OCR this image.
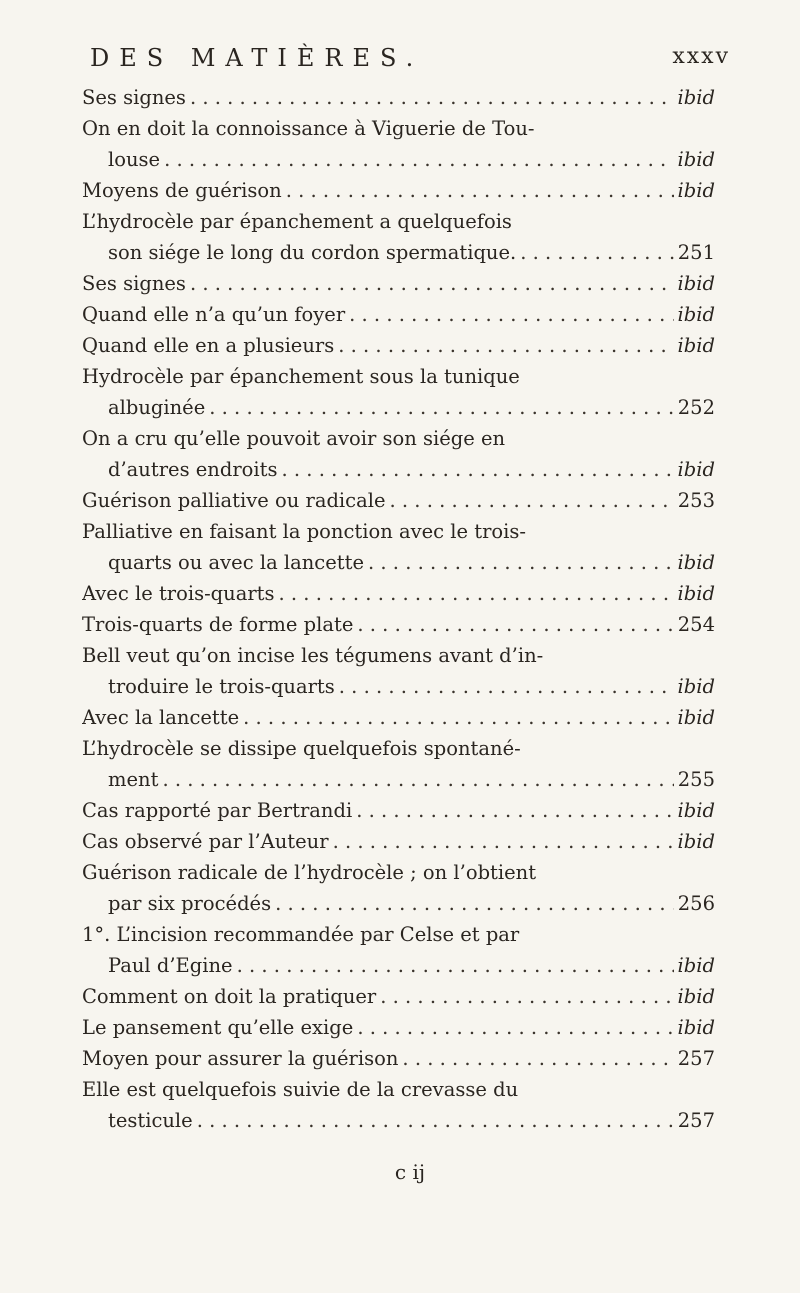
DES MATIÈRES.	xxxv
Ses signes . . .	ibid
On en doit la connoissance à Viguerie de Tou-
louse . . .	ibid
Moyens de guérison . . .	ibid
L’hydrocèle par épanchement a quelquefois
son siége le long du cordon spermatique. . . .	251
Ses signes . . .	ibid
Quand elle n’a qu’un foyer . . .	ibid
Quand elle en a plusieurs . . .	ibid
Hydrocèle par épanchement sous la tunique
albuginée . . .	252
On a cru qu’elle pouvoit avoir son siége en
d’autres endroits . . .	ibid
Guérison palliative ou radicale . . .	253
Palliative en faisant la ponction avec le trois-
quarts ou avec la lancette . . .	ibid
Avec le trois-quarts . . .	ibid
Trois-quarts de forme plate . . .	254
Bell veut qu’on incise les tégumens avant d’in-
troduire le trois-quarts . . .	ibid
Avec la lancette . . .	ibid
L’hydrocèle se dissipe quelquefois spontané-
ment . . .	255
Cas rapporté par Bertrandi . . .	ibid
Cas observé par l’Auteur . . .	ibid
Guérison radicale de l’hydrocèle ; on l’obtient
par six procédés . . .	256
1°. L’incision recommandée par Celse et par
Paul d’Egine . . .	ibid
Comment on doit la pratiquer . . .	ibid
Le pansement qu’elle exige . . .	ibid
Moyen pour assurer la guérison . . .	257
Elle est quelquefois suivie de la crevasse du
testicule . . .	257
c ij
